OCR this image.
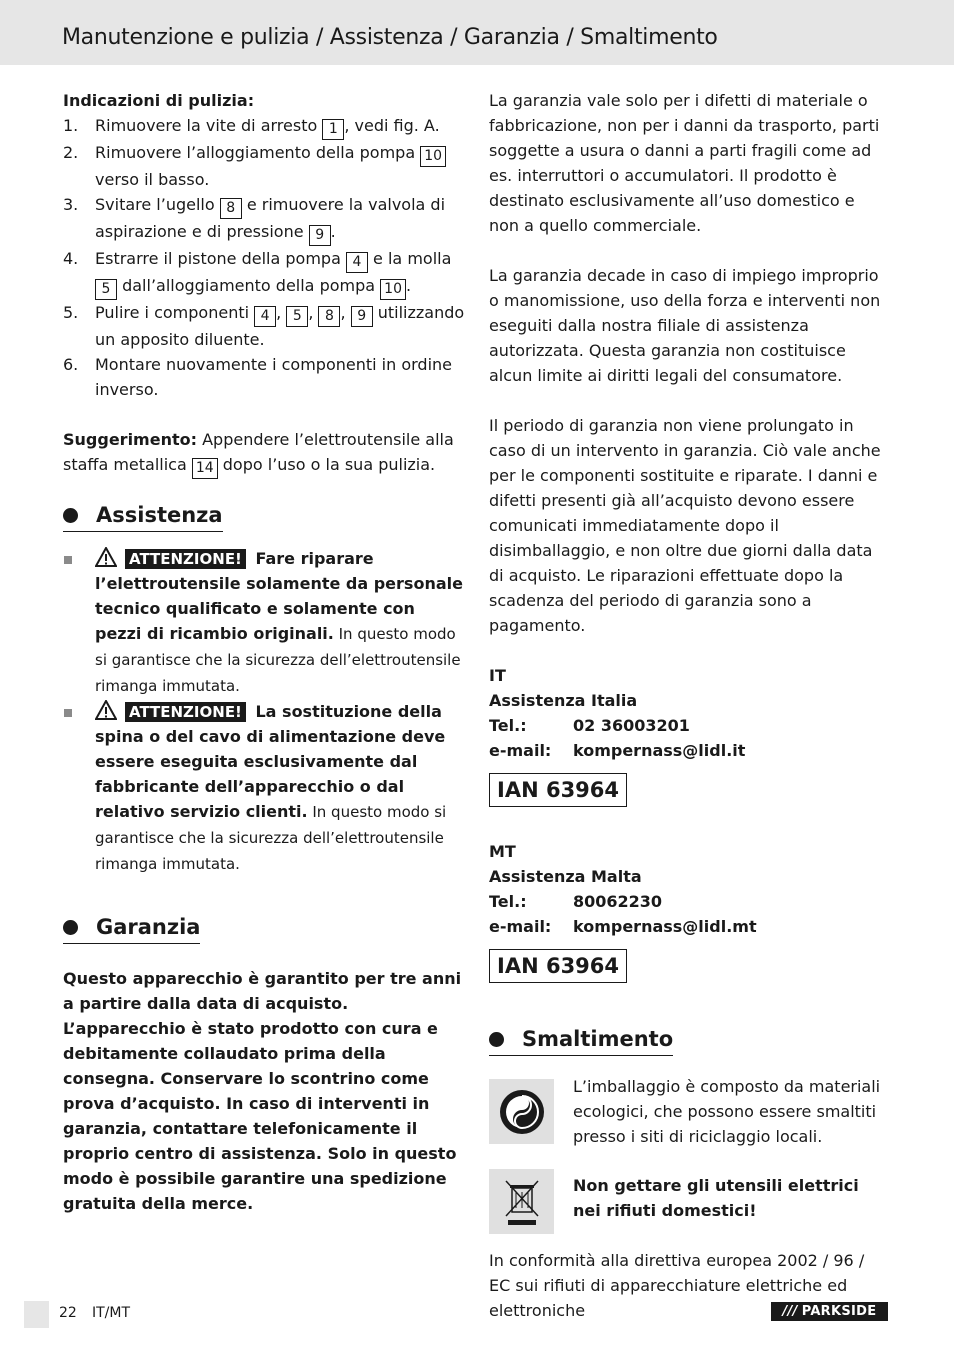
Manutenzione e pulizia / Assistenza / Garanzia / Smaltimento

Indicazioni di pulizia:

1. Rimuovere la vite di arresto 1 , vedi fig. A.
2. Rimuovere l’alloggiamento della pompa 10 verso il basso.
3. Svitare l’ugello 8 e rimuovere la valvola di aspirazione e di pressione 9 .
4. Estrarre il pistone della pompa 4 e la molla 5 dall’alloggiamento della pompa 10 .
5. Pulire i componenti 4 , 5 , 8 , 9 utilizzando un apposito diluente.
6. Montare nuovamente i componenti in ordine inverso.

Suggerimento: Appendere l’elettroutensile alla staffa metallica 14 dopo l’uso o la sua pulizia.

Assistenza
ATTENZIONE! Fare riparare l’elettroutensile solamente da personale tecnico qualificato e solamente con pezzi di ricambio originali. In questo modo si garantisce che la sicurezza dell’elettroutensile rimanga immutata.
ATTENZIONE! La sostituzione della spina o del cavo di alimentazione deve essere eseguita esclusivamente dal fabbricante dell’apparecchio o dal relativo servizio clienti. In questo modo si garantisce che la sicurezza dell’elettroutensile rimanga immutata.
Garanzia

Questo apparecchio è garantito per tre anni a partire dalla data di acquisto. L’apparecchio è stato prodotto con cura e debitamente collaudato prima della consegna. Conservare lo scontrino come prova d’acquisto. In caso di interventi in garanzia, contattare telefonicamente il proprio centro di assistenza. Solo in questo modo è possibile garantire una spedizione gratuita della merce.

La garanzia vale solo per i difetti di materiale o fabbricazione, non per i danni da trasporto, parti soggette a usura o danni a parti fragili come ad es. interruttori o accumulatori. Il prodotto è destinato esclusivamente all’uso domestico e non a quello commerciale.

La garanzia decade in caso di impiego improprio o manomissione, uso della forza e interventi non eseguiti dalla nostra filiale di assistenza autorizzata. Questa garanzia non costituisce alcun limite ai diritti legali del consumatore.

Il periodo di garanzia non viene prolungato in caso di un intervento in garanzia. Ciò vale anche per le componenti sostituite e riparate. I danni e difetti presenti già all’acquisto devono essere comunicati immediatamente dopo il disimballaggio, e non oltre due giorni dalla data di acquisto. Le riparazioni effettuate dopo la scadenza del periodo di garanzia sono a pagamento.

IT

Assistenza Italia

Tel.:	02 36003201
e-mail:	kompernass@lidl.it
IAN 63964

MT

Assistenza Malta

Tel.:	80062230
e-mail:	kompernass@lidl.mt
IAN 63964
Smaltimento

L’imballaggio è composto da materiali ecologici, che possono essere smaltiti presso i siti di riciclaggio locali.

Non gettare gli utensili elettrici nei rifiuti domestici!

In conformità alla direttiva europea 2002 / 96 / EC sui rifiuti di apparecchiature elettriche ed elettroniche

22 IT/MT	/// PARKSIDE
